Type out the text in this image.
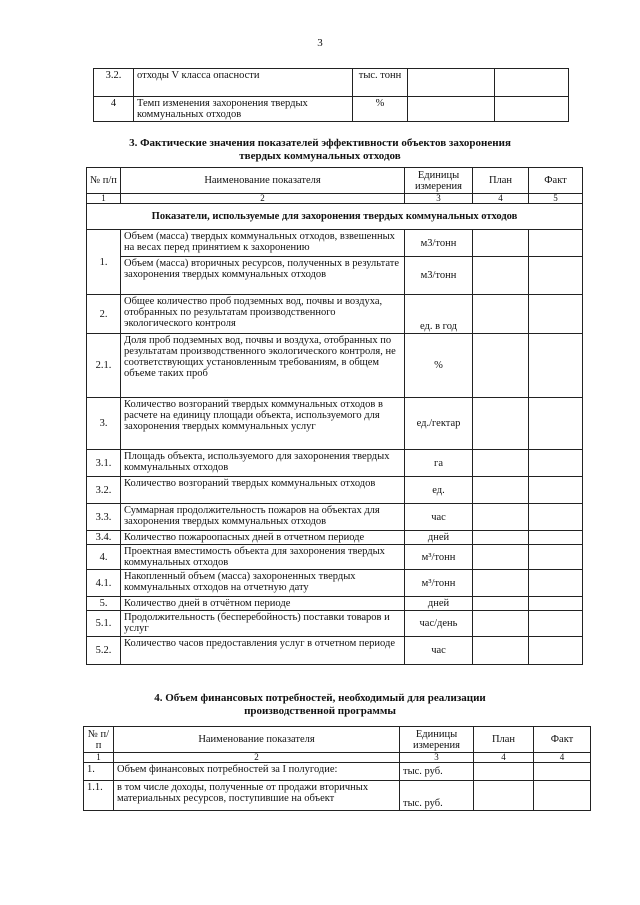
3
3.2.	отходы V класса опасности	тыс. тонн		
4	Темп изменения захоронения твердых коммунальных отходов	%		
3. Фактические значения показателей эффективности объектов захоронения
твердых коммунальных отходов
№ п/п	Наименование показателя	Единицы измерения	План	Факт
1	2	3	4	5
Показатели, используемые для захоронения твердых коммунальных отходов				
1.	Объем (масса) твердых коммунальных отходов, взвешенных на весах перед принятием к захоронению	м3/тонн		
	Объем (масса) вторичных ресурсов, полученных в результате захоронения твердых коммунальных отходов	м3/тонн		
2.	Общее количество проб подземных вод, почвы и воздуха, отобранных по результатам производственного экологического контроля	ед. в год		
2.1.	Доля проб подземных вод, почвы и воздуха, отобранных по результатам производственного экологического контроля, не соответствующих установленным требованиям, в общем объеме таких проб	%		
3.	Количество возгораний твердых коммунальных отходов в расчете на единицу площади объекта, используемого для захоронения твердых коммунальных услуг	ед./гектар		
3.1.	Площадь объекта, используемого для захоронения твердых коммунальных отходов	га		
3.2.	Количество возгораний твердых коммунальных отходов	ед.		
3.3.	Суммарная продолжительность пожаров на объектах для захоронения твердых коммунальных отходов	час		
3.4.	Количество пожароопасных дней в отчетном периоде	дней		
4.	Проектная вместимость объекта для захоронения твердых коммунальных отходов	м³/тонн		
4.1.	Накопленный объем (масса) захороненных твердых коммунальных отходов на отчетную дату	м³/тонн		
5.	Количество дней в отчётном периоде	дней		
5.1.	Продолжительность (бесперебойность) поставки товаров и услуг	час/день		
5.2.	Количество часов предоставления услуг в отчетном периоде	час		
4. Объем финансовых потребностей, необходимый для реализации
производственной программы
№ п/п	Наименование показателя	Единицы измерения	План	Факт
1	2	3	4	4
1.	Объем финансовых потребностей за I полугодие:	тыс. руб.		
1.1.	в том числе доходы, полученные от продажи вторичных материальных ресурсов, поступившие на объект	тыс. руб.		
